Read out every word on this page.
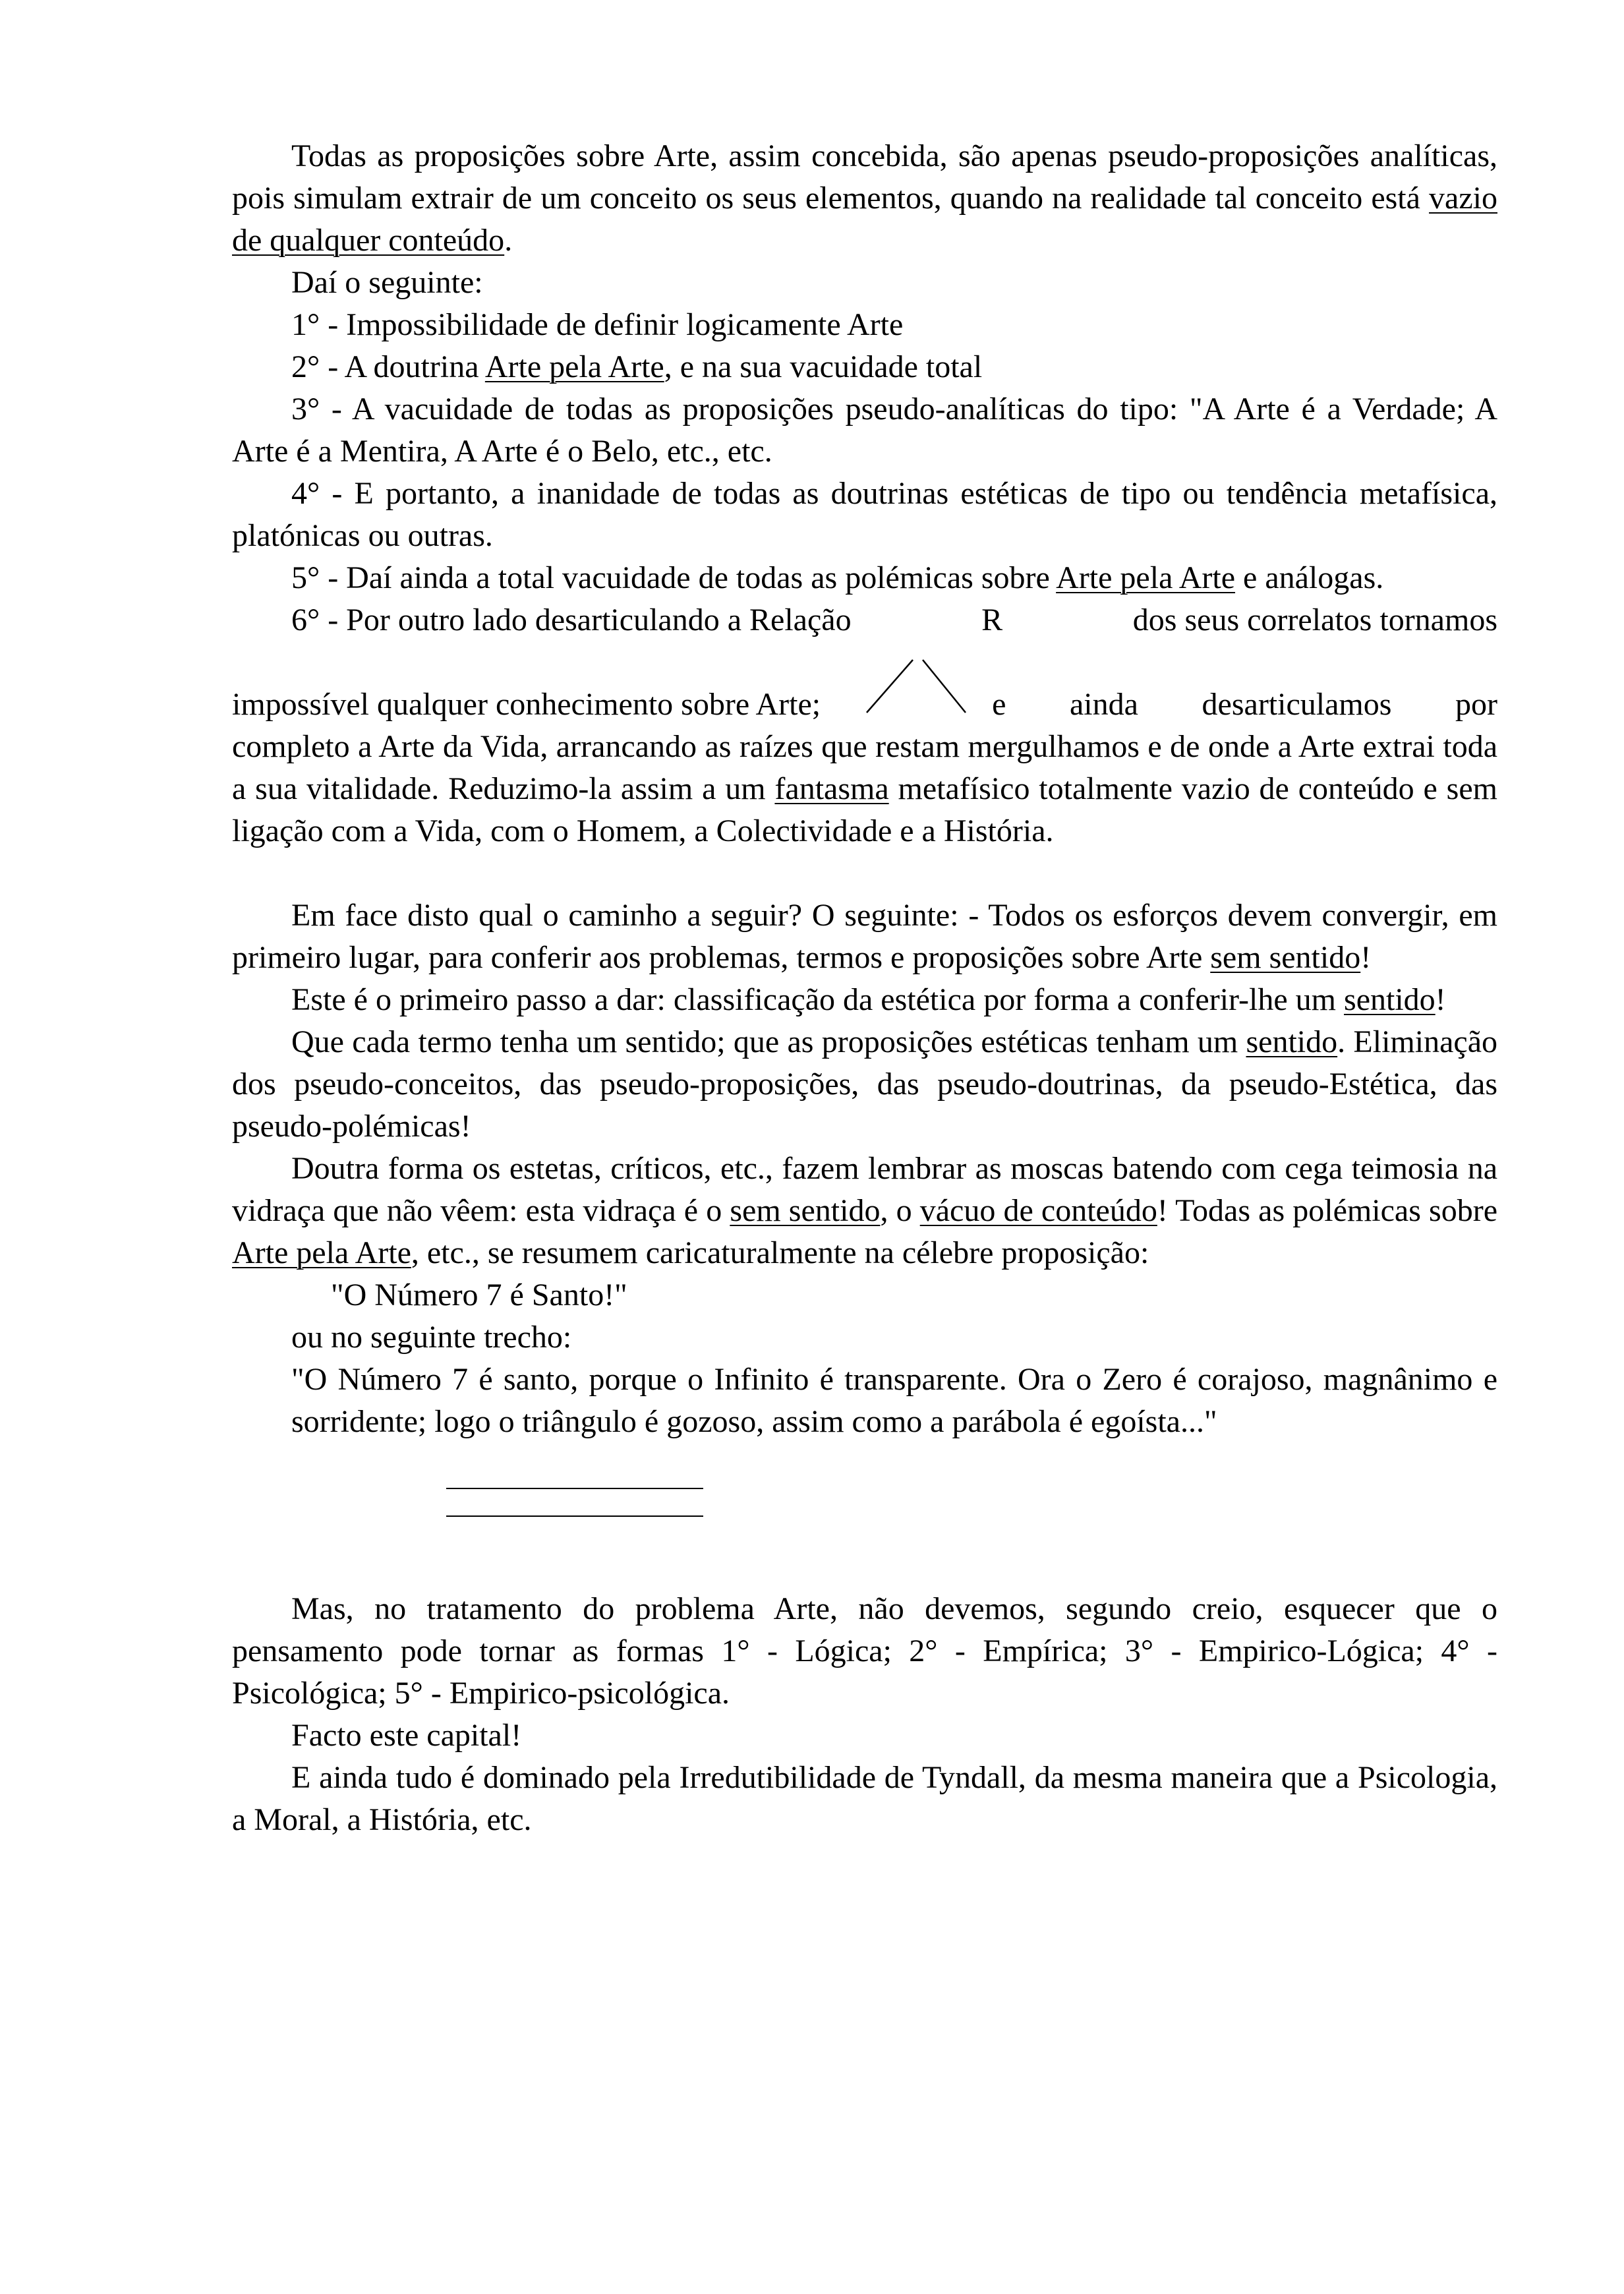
Todas as proposições sobre Arte, assim concebida, são apenas pseudo-proposições analíticas, pois simulam extrair de um conceito os seus elementos, quando na realidade tal conceito está vazio de qualquer conteúdo.

Daí o seguinte:

1° - Impossibilidade de definir logicamente Arte

2° - A doutrina Arte pela Arte, e na sua vacuidade total

3° - A vacuidade de todas as proposições pseudo-analíticas do tipo: "A Arte é a Verdade; A Arte é a Mentira, A Arte é o Belo, etc., etc.

4° - E portanto, a inanidade de todas as doutrinas estéticas de tipo ou tendência metafísica, platónicas ou outras.

5° - Daí ainda a total vacuidade de todas as polémicas sobre Arte pela Arte e análogas.

6° - Por outro lado desarticulando a Relação	R	dos seus correlatos tornamos
impossível qualquer conhecimento sobre Arte;	e ainda desarticulamos por

completo a Arte da Vida, arrancando as raízes que restam mergulhamos e de onde a Arte extrai toda a sua vitalidade. Reduzimo-la assim a um fantasma metafísico totalmente vazio de conteúdo e sem ligação com a Vida, com o Homem, a Colectividade e a História.

Em face disto qual o caminho a seguir? O seguinte: - Todos os esforços devem convergir, em primeiro lugar, para conferir aos problemas, termos e proposições sobre Arte sem sentido!

Este é o primeiro passo a dar: classificação da estética por forma a conferir-lhe um sentido!

Que cada termo tenha um sentido; que as proposições estéticas tenham um sentido. Eliminação dos pseudo-conceitos, das pseudo-proposições, das pseudo-doutrinas, da pseudo-Estética, das pseudo-polémicas!

Doutra forma os estetas, críticos, etc., fazem lembrar as moscas batendo com cega teimosia na vidraça que não vêem: esta vidraça é o sem sentido, o vácuo de conteúdo! Todas as polémicas sobre Arte pela Arte, etc., se resumem caricaturalmente na célebre proposição:

"O Número 7 é Santo!"

ou no seguinte trecho:

"O Número 7 é santo, porque o Infinito é transparente. Ora o Zero é corajoso, magnânimo e sorridente; logo o triângulo é gozoso, assim como a parábola é egoísta..."

Mas, no tratamento do problema Arte, não devemos, segundo creio, esquecer que o pensamento pode tornar as formas 1° - Lógica; 2° - Empírica; 3° - Empirico-Lógica; 4° - Psicológica; 5° - Empirico-psicológica.

Facto este capital!

E ainda tudo é dominado pela Irredutibilidade de Tyndall, da mesma maneira que a Psicologia, a Moral, a História, etc.
